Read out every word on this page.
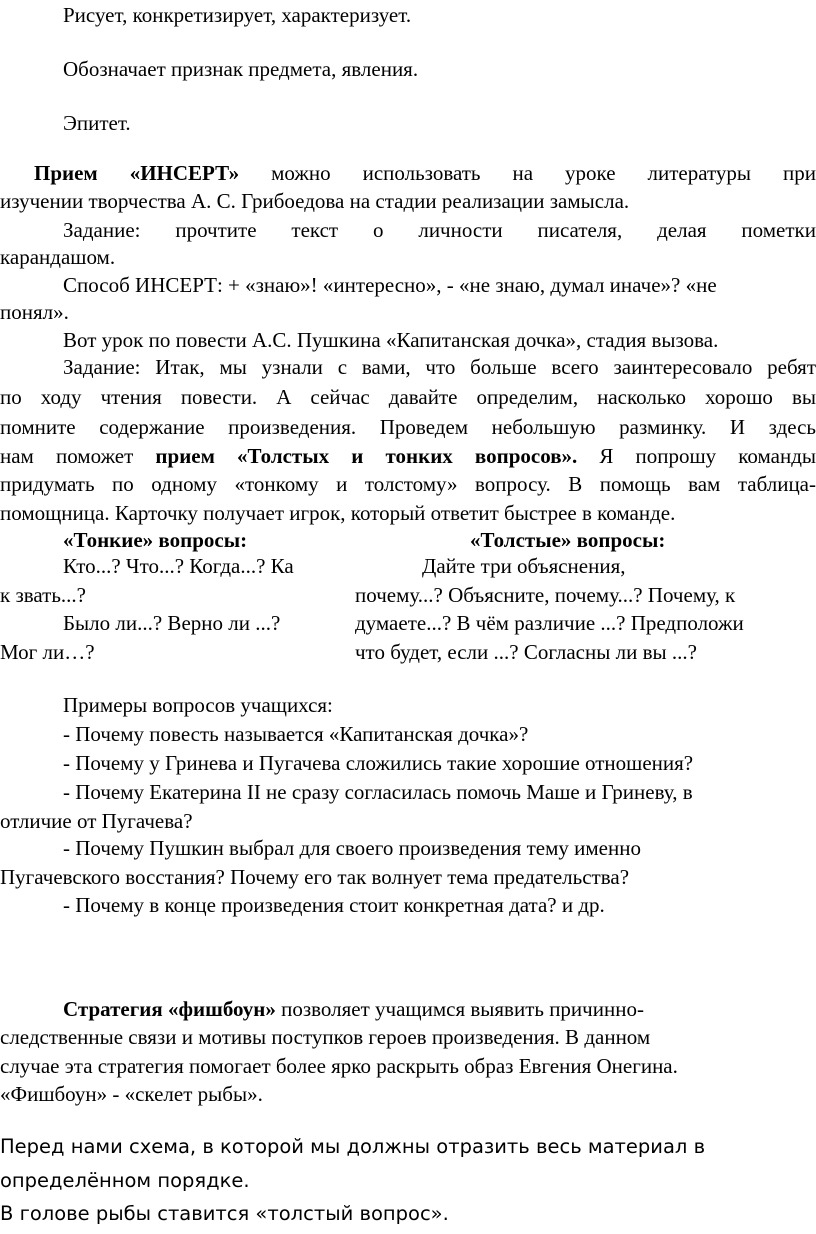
Рисует, конкретизирует, характеризует.
Обозначает признак предмета, явления.
Эпитет.
Прием «ИНСЕРТ» можно использовать на уроке литературы при
изучении творчества А. С. Грибоедова на стадии реализации замысла.
Задание: прочтите текст о личности писателя, делая пометки
карандашом.
Способ ИНСЕРТ: + «знаю»! «интересно», - «не знаю, думал иначе»? «не
понял».
Вот урок по повести А.С. Пушкина «Капитанская дочка», стадия вызова.
Задание: Итак, мы узнали с вами, что больше всего заинтересовало ребят
по ходу чтения повести. А сейчас давайте определим, насколько хорошо вы
помните содержание произведения. Проведем небольшую разминку. И здесь
нам поможет прием «Толстых и тонких вопросов». Я попрошу команды
придумать по одному «тонкому и толстому» вопросу. В помощь вам таблица-
помощница. Карточку получает игрок, который ответит быстрее в команде.
«Тонкие» вопросы:	«Толстые» вопросы:
Кто...? Что...? Когда...? Ка
к звать...?
Было ли...? Верно ли ...?
Мог ли…?
Дайте три объяснения,
почему...? Объясните, почему...? Почему, к
думаете...? В чём различие ...? Предположи
что будет, если ...? Согласны ли вы ...?
Примеры вопросов учащихся:
- Почему повесть называется «Капитанская дочка»?
- Почему у Гринева и Пугачева сложились такие хорошие отношения?
- Почему Екатерина II не сразу согласилась помочь Маше и Гриневу, в
отличие от Пугачева?
- Почему Пушкин выбрал для своего произведения тему именно
Пугачевского восстания? Почему его так волнует тема предательства?
- Почему в конце произведения стоит конкретная дата? и др.
Стратегия «фишбоун» позволяет учащимся выявить причинно-
следственные связи и мотивы поступков героев произведения. В данном
случае эта стратегия помогает более ярко раскрыть образ Евгения Онегина.
«Фишбоун» - «скелет рыбы».
Перед нами схема, в которой мы должны отразить весь материал в
определённом порядке.
В голове рыбы ставится «толстый вопрос».
